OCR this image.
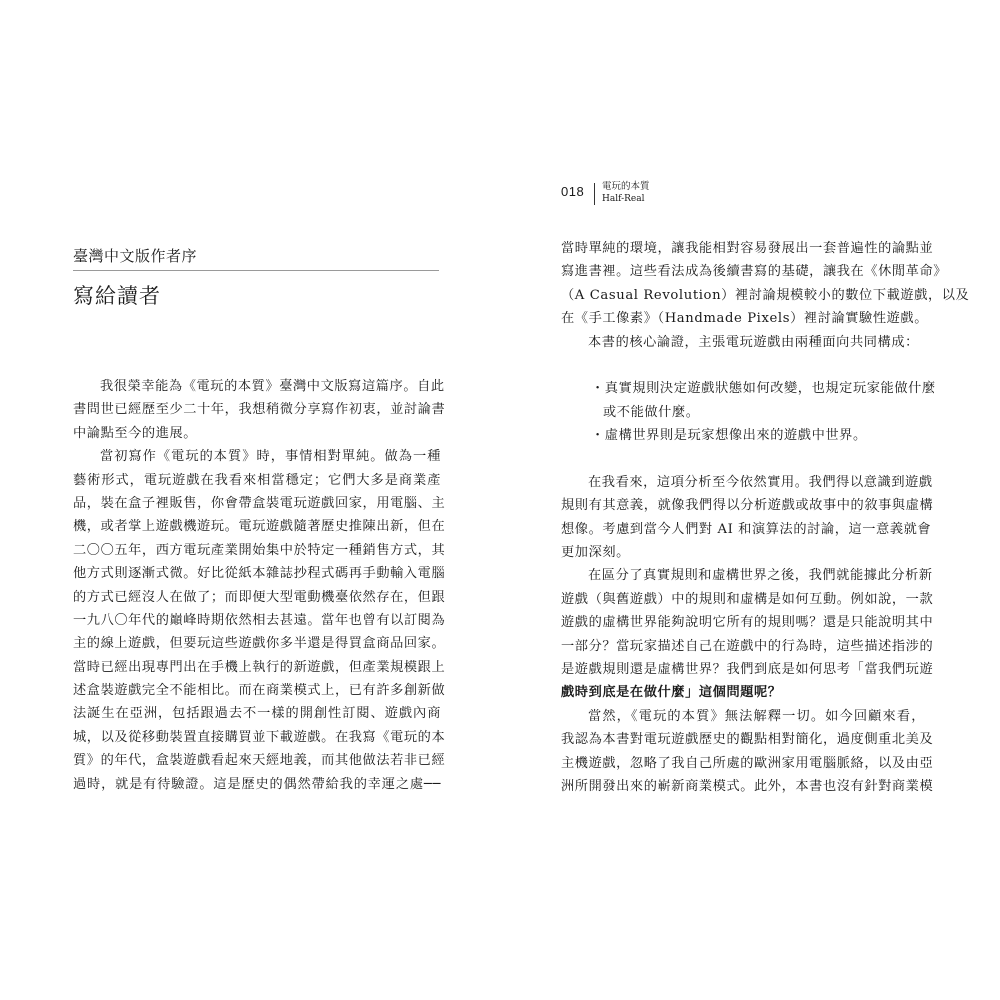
臺灣中文版作者序
寫給讀者
我很榮幸能為《電玩的本質》臺灣中文版寫這篇序。自此
書問世已經歷至少二十年，我想稍微分享寫作初衷，並討論書
中論點至今的進展。
當初寫作《電玩的本質》時，事情相對單純。做為一種
藝術形式，電玩遊戲在我看來相當穩定；它們大多是商業產
品，裝在盒子裡販售，你會帶盒裝電玩遊戲回家，用電腦、主
機，或者掌上遊戲機遊玩。電玩遊戲隨著歷史推陳出新，但在
二〇〇五年，西方電玩產業開始集中於特定一種銷售方式，其
他方式則逐漸式微。好比從紙本雜誌抄程式碼再手動輸入電腦
的方式已經沒人在做了；而即便大型電動機臺依然存在，但跟
一九八〇年代的巔峰時期依然相去甚遠。當年也曾有以訂閱為
主的線上遊戲，但要玩這些遊戲你多半還是得買盒商品回家。
當時已經出現專門出在手機上執行的新遊戲，但產業規模跟上
述盒裝遊戲完全不能相比。而在商業模式上，已有許多創新做
法誕生在亞洲，包括跟過去不一樣的開創性訂閱、遊戲內商
城，以及從移動裝置直接購買並下載遊戲。在我寫《電玩的本
質》的年代，盒裝遊戲看起來天經地義，而其他做法若非已經
過時，就是有待驗證。這是歷史的偶然帶給我的幸運之處──
018 電玩的本質
Half-Real
當時單純的環境，讓我能相對容易發展出一套普遍性的論點並
寫進書裡。這些看法成為後續書寫的基礎，讓我在《休閒革命》
（A Casual Revolution）裡討論規模較小的數位下載遊戲，以及
在《手工像素》（Handmade Pixels）裡討論實驗性遊戲。
本書的核心論證，主張電玩遊戲由兩種面向共同構成：
・真實規則決定遊戲狀態如何改變，也規定玩家能做什麼
或不能做什麼。
・虛構世界則是玩家想像出來的遊戲中世界。
在我看來，這項分析至今依然實用。我們得以意識到遊戲
規則有其意義，就像我們得以分析遊戲或故事中的敘事與虛構
想像。考慮到當今人們對 AI 和演算法的討論，這一意義就會
更加深刻。
在區分了真實規則和虛構世界之後，我們就能據此分析新
遊戲（與舊遊戲）中的規則和虛構是如何互動。例如說，一款
遊戲的虛構世界能夠說明它所有的規則嗎？還是只能說明其中
一部分？當玩家描述自己在遊戲中的行為時，這些描述指涉的
是遊戲規則還是虛構世界？我們到底是如何思考「當我們玩遊
戲時到底是在做什麼」這個問題呢？
當然，《電玩的本質》無法解釋一切。如今回顧來看，
我認為本書對電玩遊戲歷史的觀點相對簡化，過度側重北美及
主機遊戲，忽略了我自己所處的歐洲家用電腦脈絡，以及由亞
洲所開發出來的嶄新商業模式。此外，本書也沒有針對商業模
